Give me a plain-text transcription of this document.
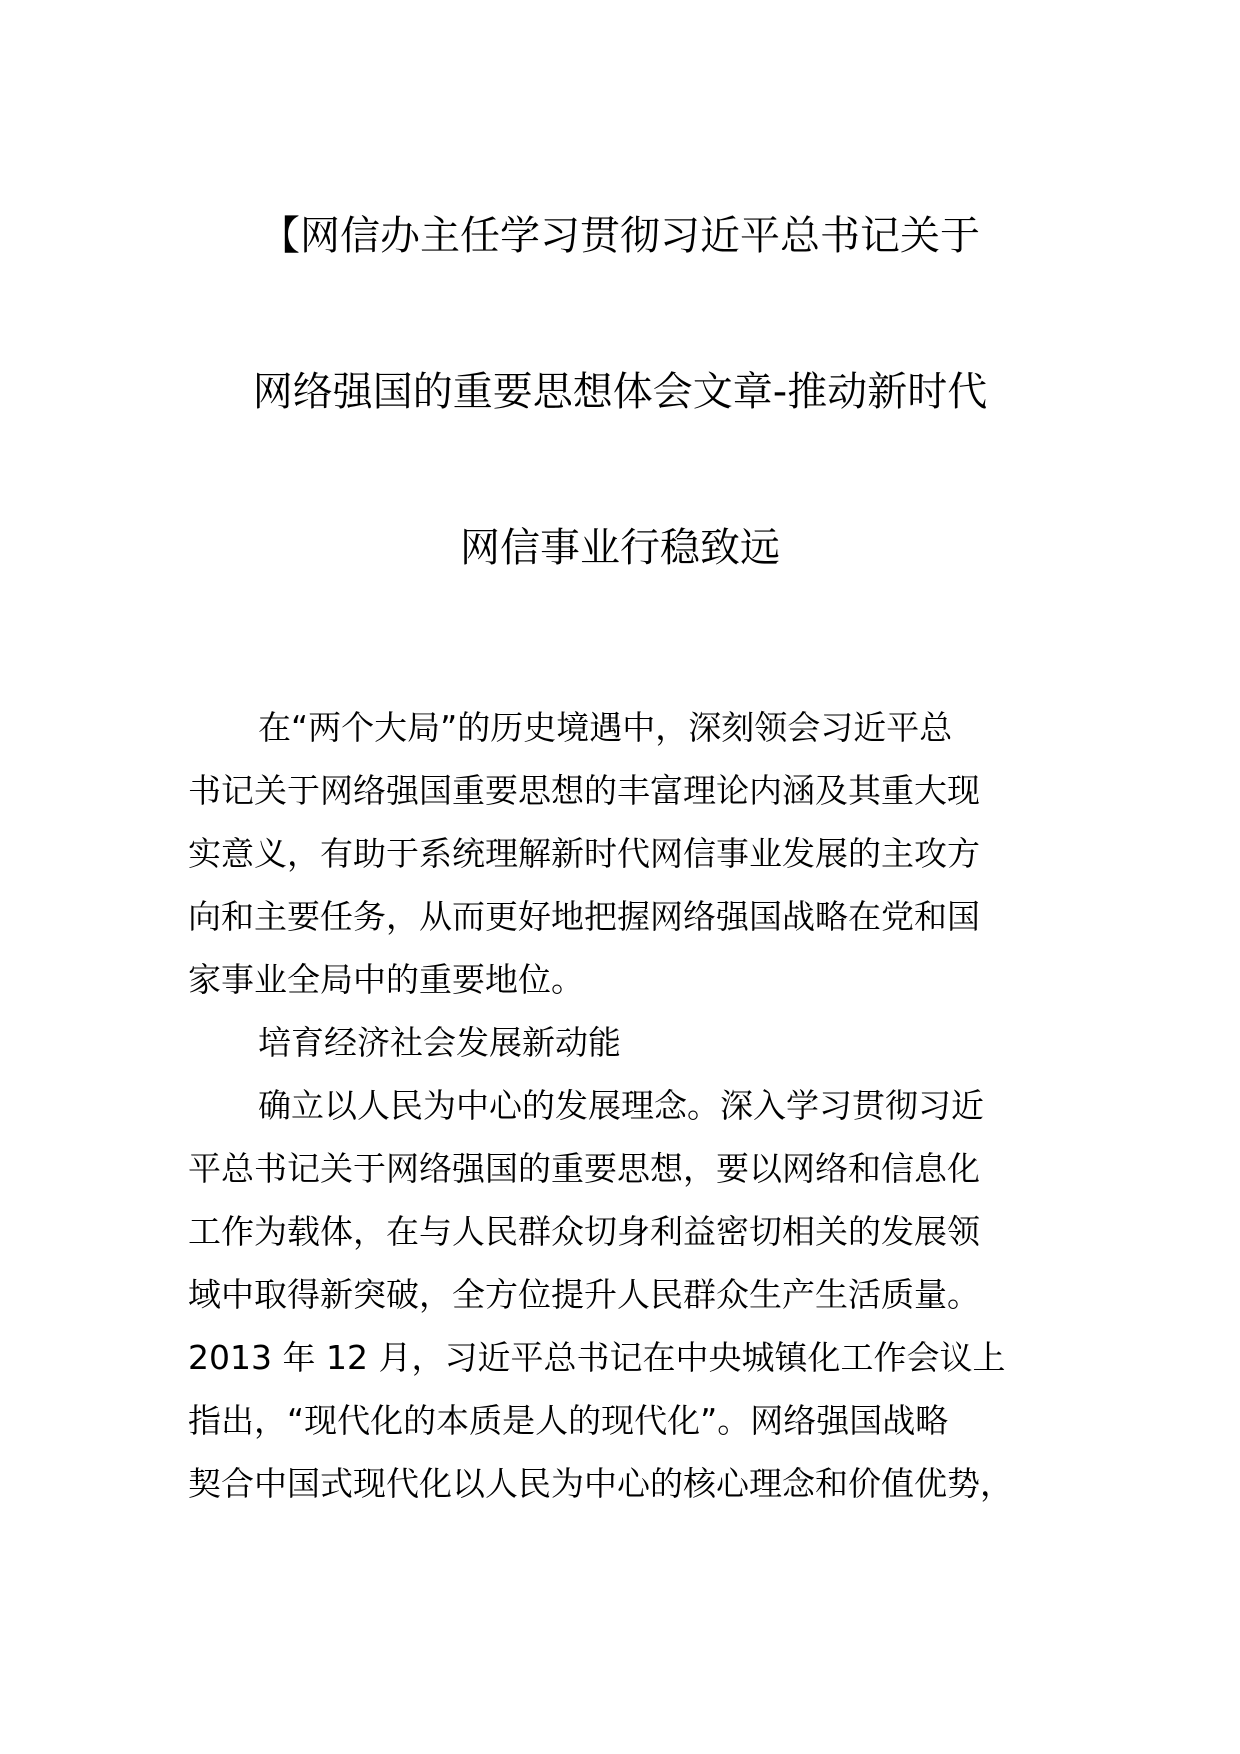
【网信办主任学习贯彻习近平总书记关于
网络强国的重要思想体会文章-推动新时代
网信事业行稳致远
在“两个大局”的历史境遇中，深刻领会习近平总
书记关于网络强国重要思想的丰富理论内涵及其重大现
实意义，有助于系统理解新时代网信事业发展的主攻方
向和主要任务，从而更好地把握网络强国战略在党和国
家事业全局中的重要地位。
培育经济社会发展新动能
确立以人民为中心的发展理念。深入学习贯彻习近
平总书记关于网络强国的重要思想，要以网络和信息化
工作为载体，在与人民群众切身利益密切相关的发展领
域中取得新突破，全方位提升人民群众生产生活质量。
2013 年 12 月，习近平总书记在中央城镇化工作会议上
指出，“现代化的本质是人的现代化”。网络强国战略
契合中国式现代化以人民为中心的核心理念和价值优势，
